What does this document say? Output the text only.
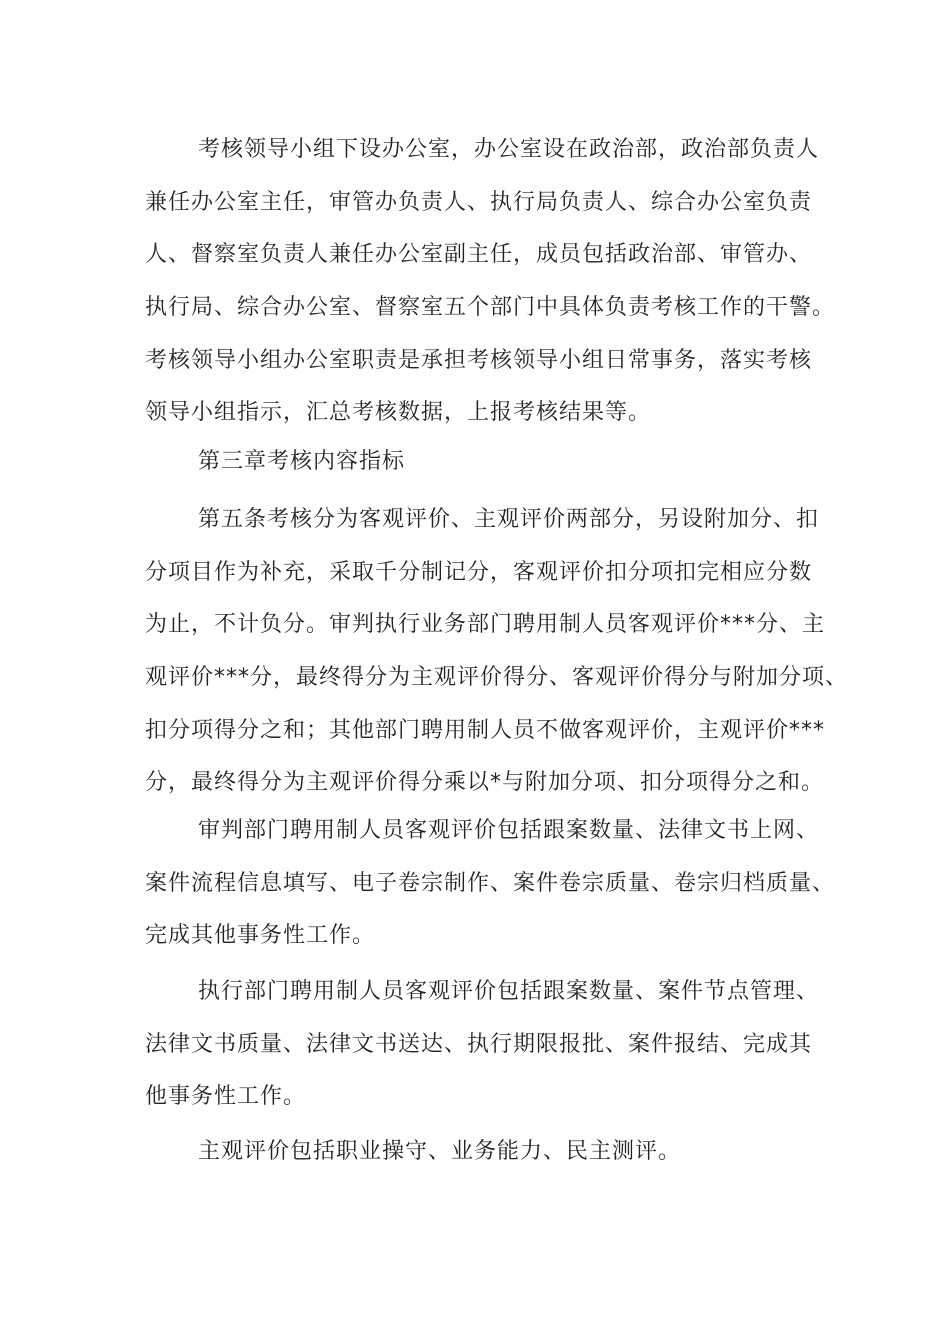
考核领导小组下设办公室，办公室设在政治部，政治部负责人
兼任办公室主任，审管办负责人、执行局负责人、综合办公室负责
人、督察室负责人兼任办公室副主任，成员包括政治部、审管办、
执行局、综合办公室、督察室五个部门中具体负责考核工作的干警。
考核领导小组办公室职责是承担考核领导小组日常事务，落实考核
领导小组指示，汇总考核数据，上报考核结果等。
第三章考核内容指标
第五条考核分为客观评价、主观评价两部分，另设附加分、扣
分项目作为补充，采取千分制记分，客观评价扣分项扣完相应分数
为止，不计负分。审判执行业务部门聘用制人员客观评价***分、主
观评价***分，最终得分为主观评价得分、客观评价得分与附加分项、
扣分项得分之和；其他部门聘用制人员不做客观评价，主观评价***
分，最终得分为主观评价得分乘以*与附加分项、扣分项得分之和。
审判部门聘用制人员客观评价包括跟案数量、法律文书上网、
案件流程信息填写、电子卷宗制作、案件卷宗质量、卷宗归档质量、
完成其他事务性工作。
执行部门聘用制人员客观评价包括跟案数量、案件节点管理、
法律文书质量、法律文书送达、执行期限报批、案件报结、完成其
他事务性工作。
主观评价包括职业操守、业务能力、民主测评。
